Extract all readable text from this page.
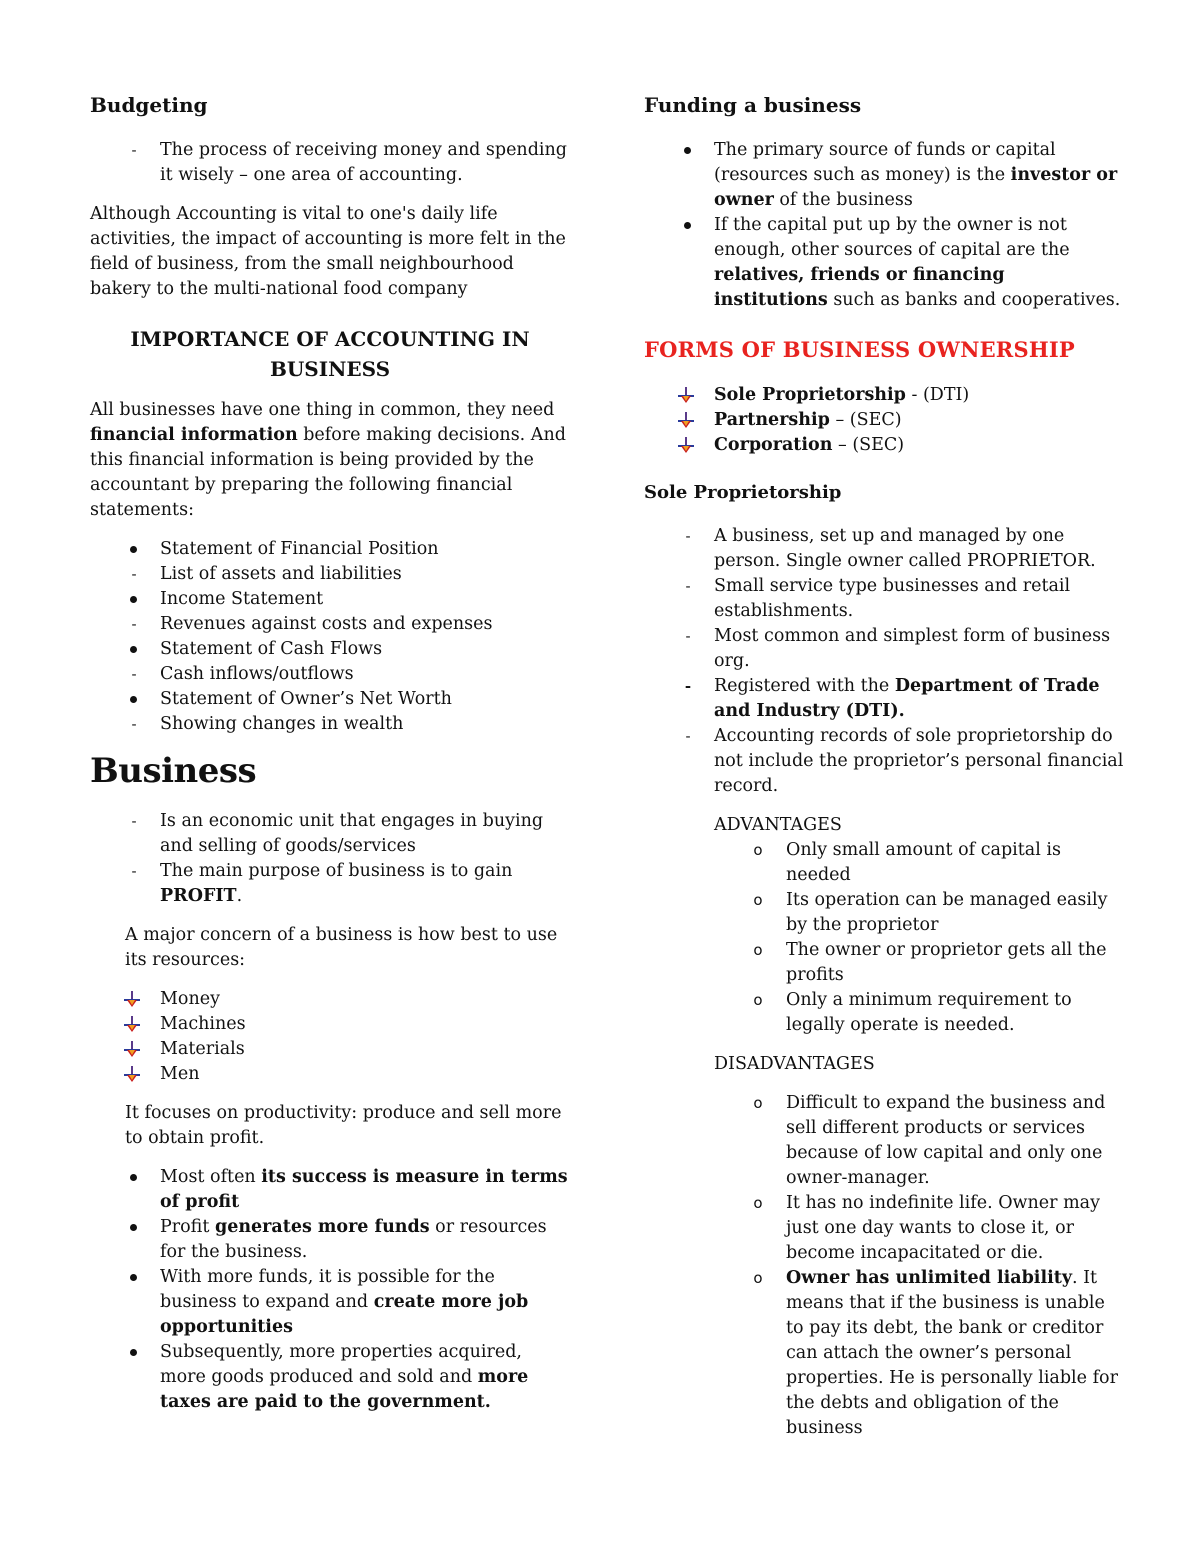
Budgeting
-	The process of receiving money and spending it wisely – one area of accounting.

Although Accounting is vital to one's daily life activities, the impact of accounting is more felt in the field of business, from the small neighbourhood bakery to the multi-national food company

IMPORTANCE OF ACCOUNTING IN BUSINESS

All businesses have one thing in common, they need financial information before making decisions. And this financial information is being provided by the accountant by preparing the following financial statements:

Statement of Financial Position
-	List of assets and liabilities
Income Statement
-	Revenues against costs and expenses
Statement of Cash Flows
-	Cash inflows/outflows
Statement of Owner’s Net Worth
-	Showing changes in wealth
Business
-	Is an economic unit that engages in buying and selling of goods/services
-	The main purpose of business is to gain PROFIT.

A major concern of a business is how best to use its resources:

Money
Machines
Materials
Men

It focuses on productivity: produce and sell more to obtain profit.

Most often its success is measure in terms of profit
Profit generates more funds or resources for the business.
With more funds, it is possible for the business to expand and create more job opportunities
Subsequently, more properties acquired, more goods produced and sold and more taxes are paid to the government.
Funding a business
The primary source of funds or capital (resources such as money) is the investor or owner of the business
If the capital put up by the owner is not enough, other sources of capital are the relatives, friends or financing institutions such as banks and cooperatives.
FORMS OF BUSINESS OWNERSHIP
Sole Proprietorship - (DTI)
Partnership – (SEC)
Corporation – (SEC)
Sole Proprietorship
-	A business, set up and managed by one person. Single owner called PROPRIETOR.
-	Small service type businesses and retail establishments.
-	Most common and simplest form of business org.
-	Registered with the Department of Trade and Industry (DTI).
-	Accounting records of sole proprietorship do not include the proprietor’s personal financial record.

ADVANTAGES

o	Only small amount of capital is needed
o	Its operation can be managed easily by the proprietor
o	The owner or proprietor gets all the profits
o	Only a minimum requirement to legally operate is needed.

DISADVANTAGES

o	Difficult to expand the business and sell different products or services because of low capital and only one owner-manager.
o	It has no indefinite life. Owner may just one day wants to close it, or become incapacitated or die.
o	Owner has unlimited liability. It means that if the business is unable to pay its debt, the bank or creditor can attach the owner’s personal properties. He is personally liable for the debts and obligation of the business
